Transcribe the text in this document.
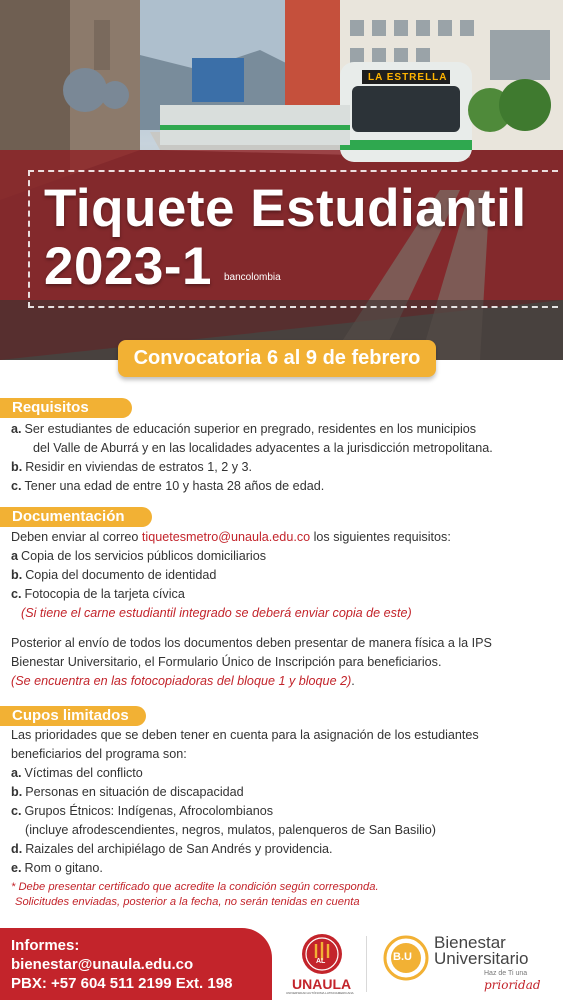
LA ESTRELLA
bancolombia
Tiquete Estudiantil
2023-1
Convocatoria 6 al 9 de febrero
Requisitos

a. Ser estudiantes de educación superior en pregrado, residentes en los municipios

del Valle de Aburrá y en las localidades adyacentes a la jurisdicción metropolitana.

b. Residir en viviendas de estratos 1, 2 y 3.

c. Tener una edad de entre 10 y hasta 28 años de edad.

Documentación

Deben enviar al correo tiquetesmetro@unaula.edu.co los siguientes requisitos:

a Copia de los servicios públicos domiciliarios

b. Copia del documento de identidad

c. Fotocopia de la tarjeta cívica

(Si tiene el carne estudiantil integrado se deberá enviar copia de este)

Posterior al envío de todos los documentos deben presentar de manera física a la IPS

Bienestar Universitario, el Formulario Único de Inscripción para beneficiarios.

(Se encuentra en las fotocopiadoras del bloque 1 y bloque 2).

Cupos limitados

Las prioridades que se deben tener en cuenta para la asignación de los estudiantes

beneficiarios del programa son:

a. Víctimas del conflicto

b. Personas en situación de discapacidad

c. Grupos Étnicos: Indígenas, Afrocolombianos

(incluye afrodescendientes, negros, mulatos, palenqueros de San Basilio)

d. Raizales del archipiélago de San Andrés y providencia.

e. Rom o gitano.

* Debe presentar certificado que acredite la condición según corresponda.

Solicitudes enviadas, posterior a la fecha, no serán tenidas en cuenta

Informes:

bienestar@unaula.edu.co

PBX: +57 604 511 2199 Ext. 198

AL
UNAULA
UNIVERSIDAD AUTÓNOMA LATINOAMERICANA
B.U
Bienestar
Universitario
Haz de Ti una
prioridad
